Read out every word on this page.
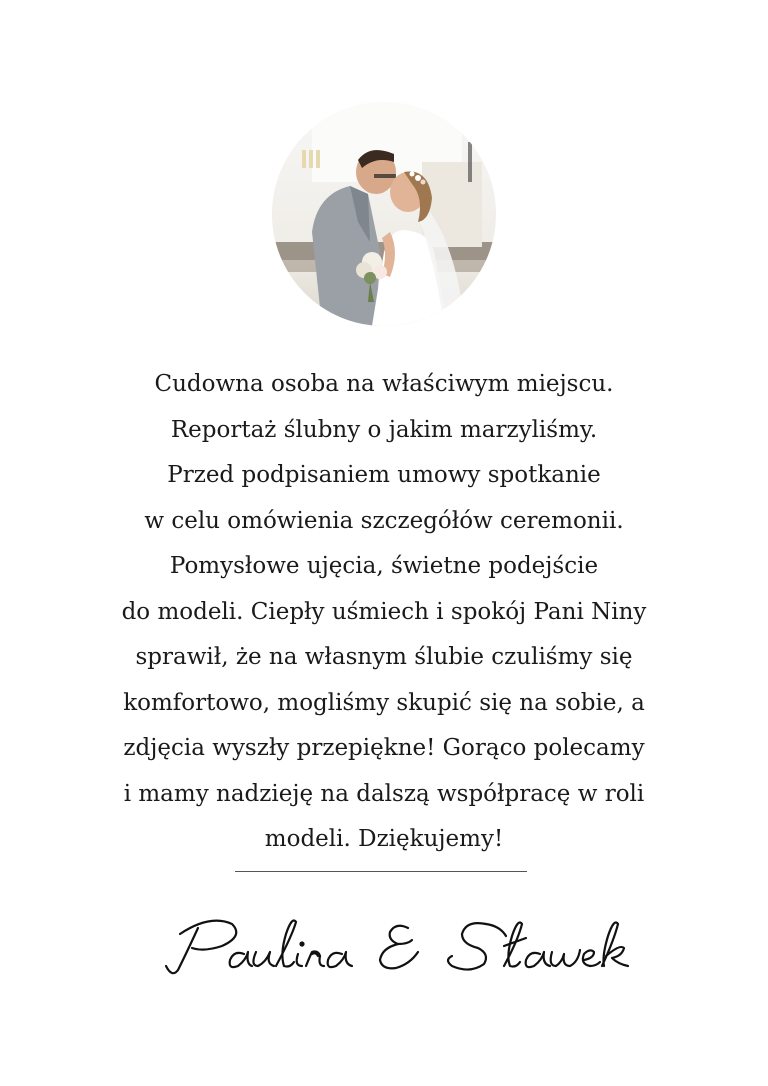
Cudowna osoba na właściwym miejscu.
Reportaż ślubny o jakim marzyliśmy.
Przed podpisaniem umowy spotkanie
w celu omówienia szczegółów ceremonii.
Pomysłowe ujęcia, świetne podejście
do modeli. Ciepły uśmiech i spokój Pani Niny
sprawił, że na własnym ślubie czuliśmy się
komfortowo, mogliśmy skupić się na sobie, a
zdjęcia wyszły przepiękne! Gorąco polecamy
i mamy nadzieję na dalszą współpracę w roli
modeli. Dziękujemy!
